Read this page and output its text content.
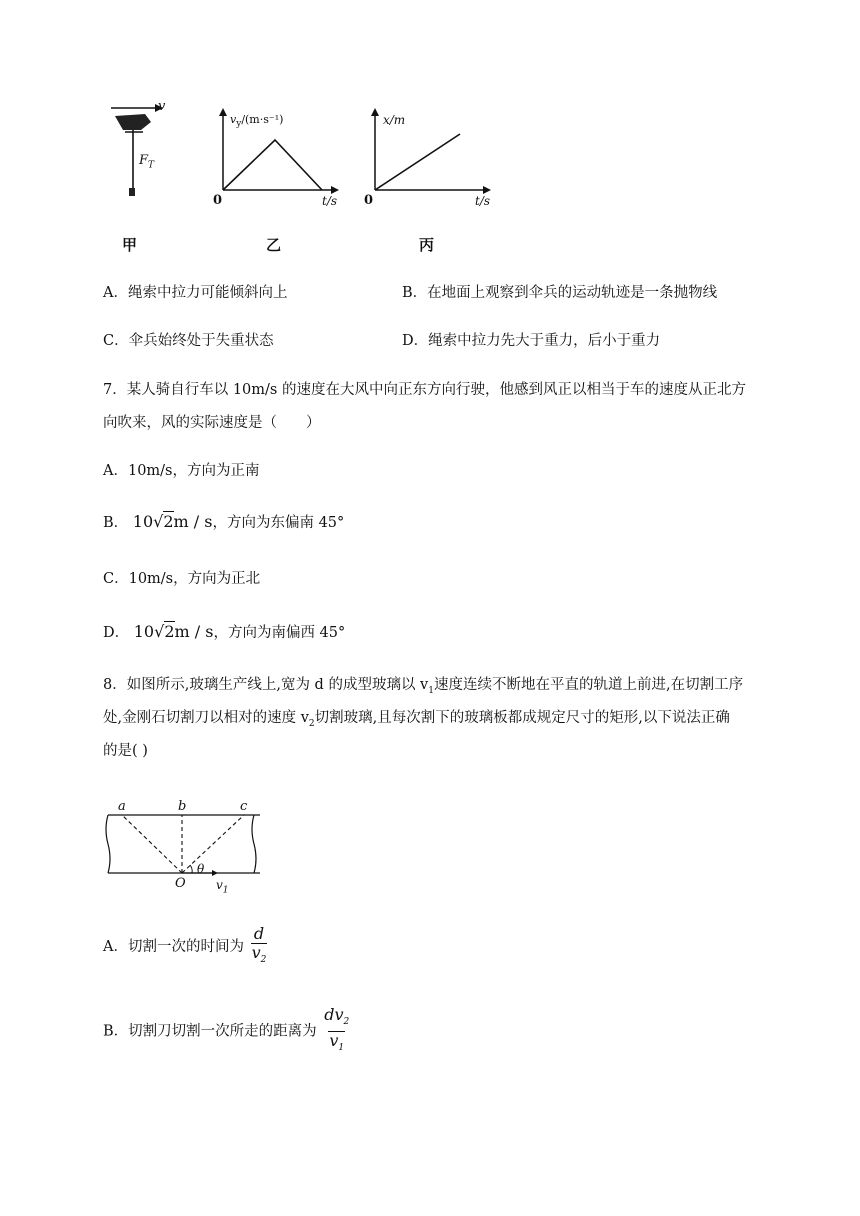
v
$F_T$
甲
$v_y/(m\cdot s^{-1})$
0	t/s
乙
x/m
0	t/s
丙
A．绳索中拉力可能倾斜向上	B．在地面上观察到伞兵的运动轨迹是一条抛物线
C．伞兵始终处于失重状态	D．绳索中拉力先大于重力，后小于重力
7．某人骑自行车以 10m/s 的速度在大风中向正东方向行驶，他感到风正以相当于车的速度从正北方
向吹来，风的实际速度是（　　）
A．10m/s，方向为正南
B． 10√2m / s，方向为东偏南 45°
C．10m/s，方向为正北
D． 10√2m / s，方向为南偏西 45°
8．如图所示,玻璃生产线上,宽为 d 的成型玻璃以 $v_1$速度连续不断地在平直的轨道上前进,在切割工序
处,金刚石切割刀以相对的速度 $v_2$切割玻璃,且每次割下的玻璃板都成规定尺寸的矩形,以下说法正确
的是( )
a	b	c
O
θ
$v_1$
A．切割一次的时间为 $\frac{d}{v_2}$
B．切割刀切割一次所走的距离为 $\frac{dv_2}{v_1}$
